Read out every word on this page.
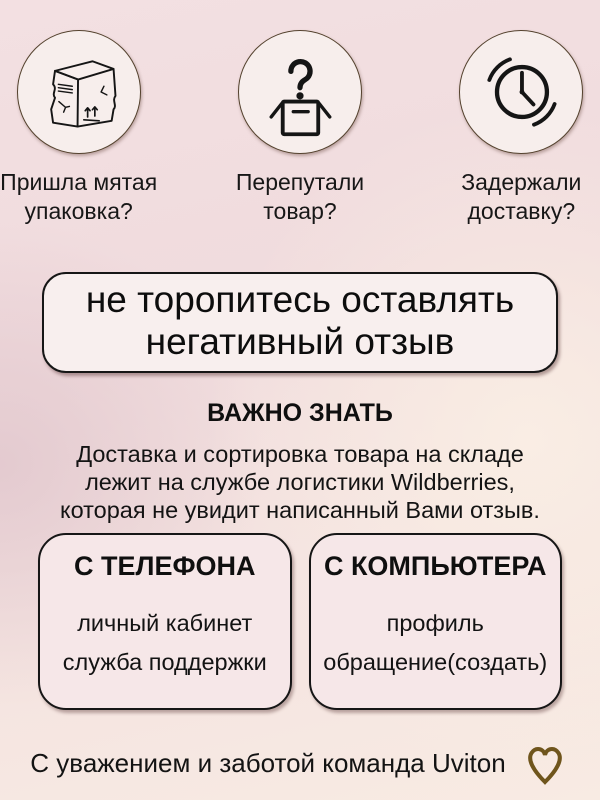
Пришла мятая
упаковка?
Перепутали
товар?
Задержали
доставку?
не торопитесь оставлять
негативный отзыв
ВАЖНО ЗНАТЬ
Доставка и сортировка товара на складе
лежит на службе логистики Wildberries,
которая не увидит написанный Вами отзыв.
С ТЕЛЕФОНА
личный кабинет
служба поддержки
С КОМПЬЮТЕРА
профиль
обращение(создать)
С уважением и заботой команда Uviton
